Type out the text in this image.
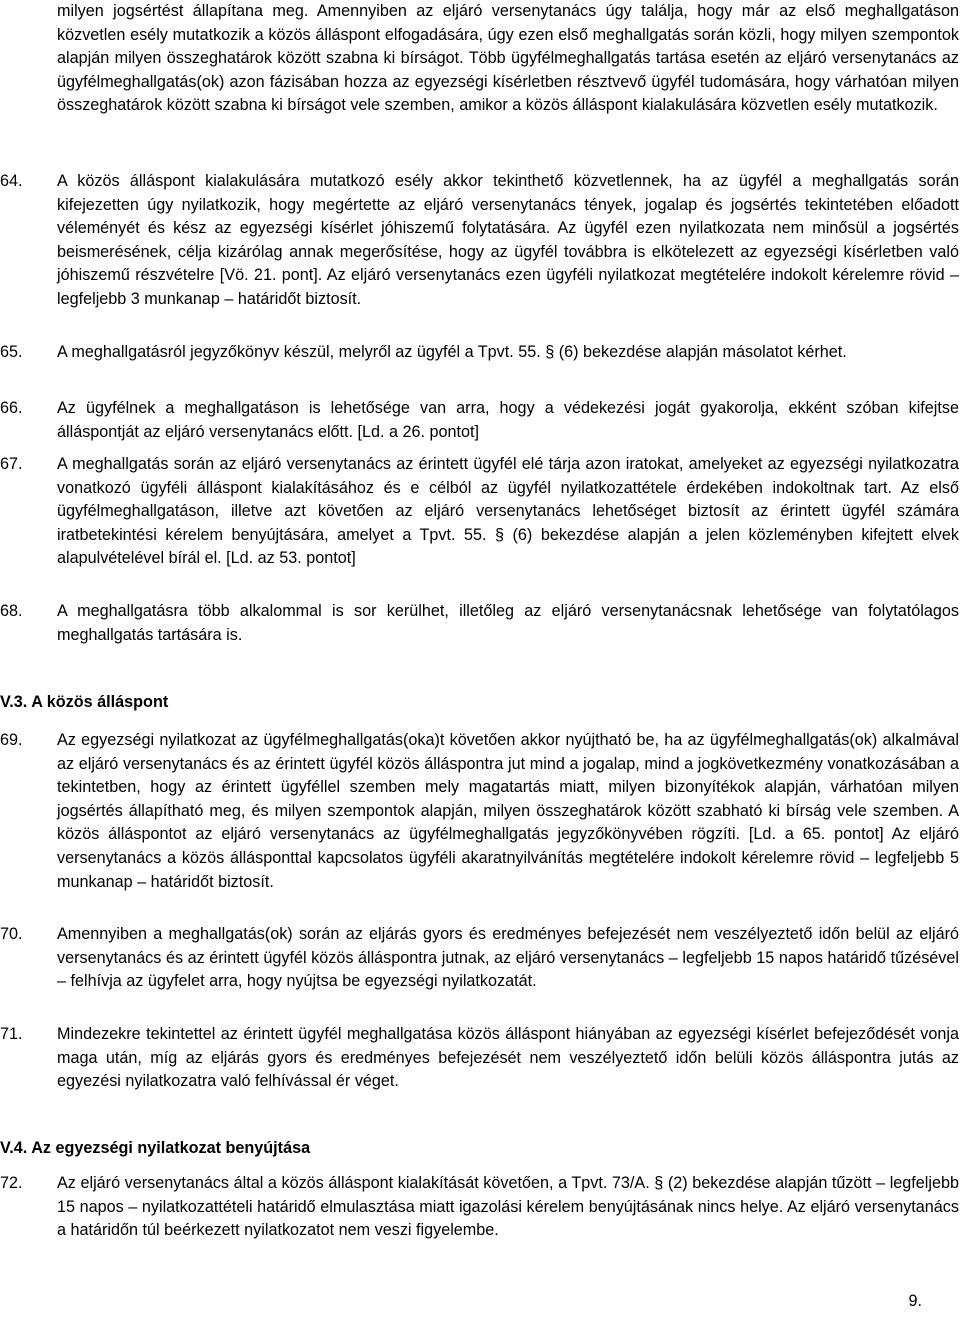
milyen jogsértést állapítana meg. Amennyiben az eljáró versenytanács úgy találja, hogy már az első meghallgatáson közvetlen esély mutatkozik a közös álláspont elfogadására, úgy ezen első meghallgatás során közli, hogy milyen szempontok alapján milyen összeghatárok között szabna ki bírságot. Több ügyfélmeghallgatás tartása esetén az eljáró versenytanács az ügyfélmeghallgatás(ok) azon fázisában hozza az egyezségi kísérletben résztvevő ügyfél tudomására, hogy várhatóan milyen összeghatárok között szabna ki bírságot vele szemben, amikor a közös álláspont kialakulására közvetlen esély mutatkozik.

64.	A közös álláspont kialakulására mutatkozó esély akkor tekinthető közvetlennek, ha az ügyfél a meghallgatás során kifejezetten úgy nyilatkozik, hogy megértette az eljáró versenytanács tények, jogalap és jogsértés tekintetében előadott véleményét és kész az egyezségi kísérlet jóhiszemű folytatására. Az ügyfél ezen nyilatkozata nem minősül a jogsértés beismerésének, célja kizárólag annak megerősítése, hogy az ügyfél továbbra is elkötelezett az egyezségi kísérletben való jóhiszemű részvételre [Vö. 21. pont]. Az eljáró versenytanács ezen ügyféli nyilatkozat megtételére indokolt kérelemre rövid – legfeljebb 3 munkanap – határidőt biztosít.

65.	A meghallgatásról jegyzőkönyv készül, melyről az ügyfél a Tpvt. 55. § (6) bekezdése alapján másolatot kérhet.

66.	Az ügyfélnek a meghallgatáson is lehetősége van arra, hogy a védekezési jogát gyakorolja, ekként szóban kifejtse álláspontját az eljáró versenytanács előtt. [Ld. a 26. pontot]

67.	A meghallgatás során az eljáró versenytanács az érintett ügyfél elé tárja azon iratokat, amelyeket az egyezségi nyilatkozatra vonatkozó ügyféli álláspont kialakításához és e célból az ügyfél nyilatkozattétele érdekében indokoltnak tart. Az első ügyfélmeghallgatáson, illetve azt követően az eljáró versenytanács lehetőséget biztosít az érintett ügyfél számára iratbetekintési kérelem benyújtására, amelyet a Tpvt. 55. § (6) bekezdése alapján a jelen közleményben kifejtett elvek alapulvételével bírál el. [Ld. az 53. pontot]

68.	A meghallgatásra több alkalommal is sor kerülhet, illetőleg az eljáró versenytanácsnak lehetősége van folytatólagos meghallgatás tartására is.

V.3. A közös álláspont

69.	Az egyezségi nyilatkozat az ügyfélmeghallgatás(oka)t követően akkor nyújtható be, ha az ügyfélmeghallgatás(ok) alkalmával az eljáró versenytanács és az érintett ügyfél közös álláspontra jut mind a jogalap, mind a jogkövetkezmény vonatkozásában a tekintetben, hogy az érintett ügyféllel szemben mely magatartás miatt, milyen bizonyítékok alapján, várhatóan milyen jogsértés állapítható meg, és milyen szempontok alapján, milyen összeghatárok között szabható ki bírság vele szemben. A közös álláspontot az eljáró versenytanács az ügyfélmeghallgatás jegyzőkönyvében rögzíti. [Ld. a 65. pontot] Az eljáró versenytanács a közös állásponttal kapcsolatos ügyféli akaratnyilvánítás megtételére indokolt kérelemre rövid – legfeljebb 5 munkanap – határidőt biztosít.

70.	Amennyiben a meghallgatás(ok) során az eljárás gyors és eredményes befejezését nem veszélyeztető időn belül az eljáró versenytanács és az érintett ügyfél közös álláspontra jutnak, az eljáró versenytanács – legfeljebb 15 napos határidő tűzésével – felhívja az ügyfelet arra, hogy nyújtsa be egyezségi nyilatkozatát.

71.	Mindezekre tekintettel az érintett ügyfél meghallgatása közös álláspont hiányában az egyezségi kísérlet befejeződését vonja maga után, míg az eljárás gyors és eredményes befejezését nem veszélyeztető időn belüli közös álláspontra jutás az egyezési nyilatkozatra való felhívással ér véget.

V.4. Az egyezségi nyilatkozat benyújtása

72.	Az eljáró versenytanács által a közös álláspont kialakítását követően, a Tpvt. 73/A. § (2) bekezdése alapján tűzött – legfeljebb 15 napos – nyilatkozattételi határidő elmulasztása miatt igazolási kérelem benyújtásának nincs helye. Az eljáró versenytanács a határidőn túl beérkezett nyilatkozatot nem veszi figyelembe.

9.
